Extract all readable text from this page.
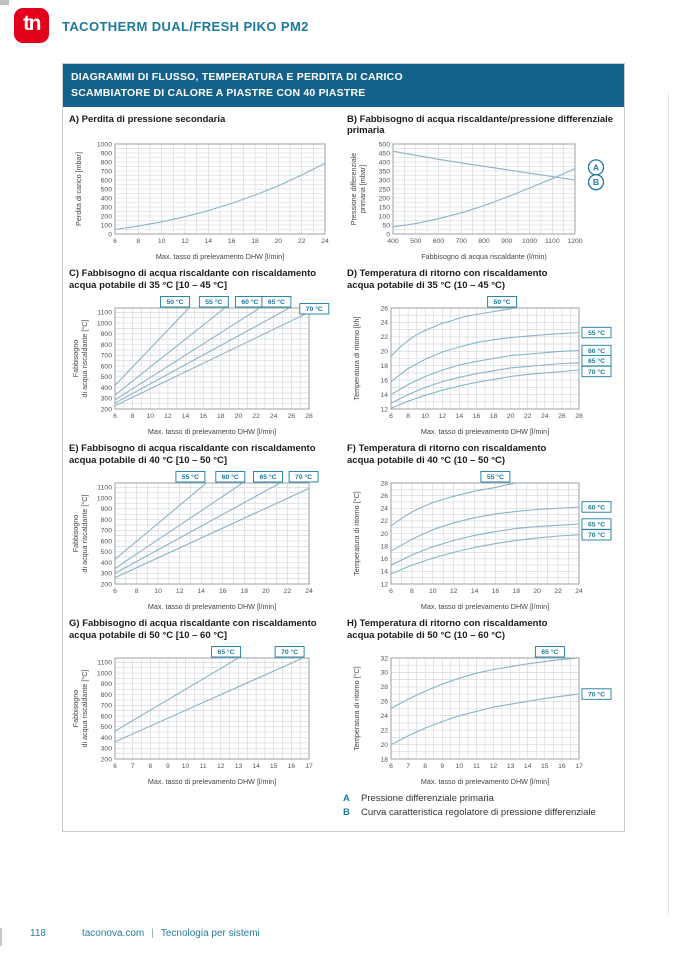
tn	TACOTHERM DUAL/FRESH PIKO PM2
DIAGRAMMI DI FLUSSO, TEMPERATURA E PERDITA DI CARICO
SCAMBIATORE DI CALORE A PIASTRE CON 40 PIASTRE
A) Perdita di pressione secondaria
6	8	10 12 14 16 18 20 22 24
0
100
200
300
400
500
600
700
800
900
1000
Perdita di carico [mbar]
Max. tasso di prelevamento DHW [l/min]
B) Fabbisogno di acqua riscaldante/pressione differenziale
primaria
400 500 600 700 800 900 1000 1100 1200
0
50
100
150
200
250
300
350
400
450
500
Pressione differenziale primaria [mbar]
Fabbisogno di acqua riscaldante (l/min)
A
B
C) Fabbisogno di acqua riscaldante con riscaldamento
acqua potabile di 35 °C [10 – 45 °C]
6 8 10 12 14 16 18 20 22 24 26 28
200
300
400
500
600
700
800
900
1000
1100
Fabbisogno di acqua riscaldante [°C]
Max. tasso di prelevamento DHW [l/min]
50 °C	55 °C	60 °C 65 °C
70 °C
D) Temperatura di ritorno con riscaldamento
acqua potabile di 35 °C (10 – 45 °C)
6 8 10 12 14 16 18 20 22 24 26 28
12
14
16
18
20
22
24
26
Temperatura di ritorno [l/h]
Max. tasso di prelevamento DHW [l/min]
50 °C
55 °C
60 °C
65 °C
70 °C
E) Fabbisogno di acqua riscaldante con riscaldamento
acqua potabile di 40 °C [10 – 50 °C]
6	8 10 12 14 16 18 20 22 24
200
300
400
500
600
700
800
900
1000
1100
Fabbisogno di acqua riscaldante [°C]
Max. tasso di prelevamento DHW [l/min]
55 °C	60 °C	65 °C	70 °C
F) Temperatura di ritorno con riscaldamento
acqua potabile di 40 °C (10 – 50 °C)
6	8 10 12 14 16 18 20 22 24
12
14
16
18
20
22
24
26
28
Temperatura di ritorno [°C]
Max. tasso di prelevamento DHW [l/min]
55 °C
60 °C
65 °C
70 °C
G) Fabbisogno di acqua riscaldante con riscaldamento
acqua potabile di 50 °C [10 – 60 °C]
6 7 8 9 10 11 12 13 14 15 16 17
200
300
400
500
600
700
800
900
1000
1100
Fabbisogno di acqua riscaldante [°C]
Max. tasso di prelevamento DHW [l/min]
65 °C	70 °C
H) Temperatura di ritorno con riscaldamento
acqua potabile di 50 °C (10 – 60 °C)
6 7 8 9 10 11 12 13 14 15 16 17
18
20
22
24
26
28
30
32
Temperatura di ritorno [°C]
Max. tasso di prelevamento DHW [l/min]
65 °C
70 °C
A	Pressione differenziale primaria
B	Curva caratteristica regolatore di pressione differenziale
118	taconova.com | Tecnologia per sistemi
